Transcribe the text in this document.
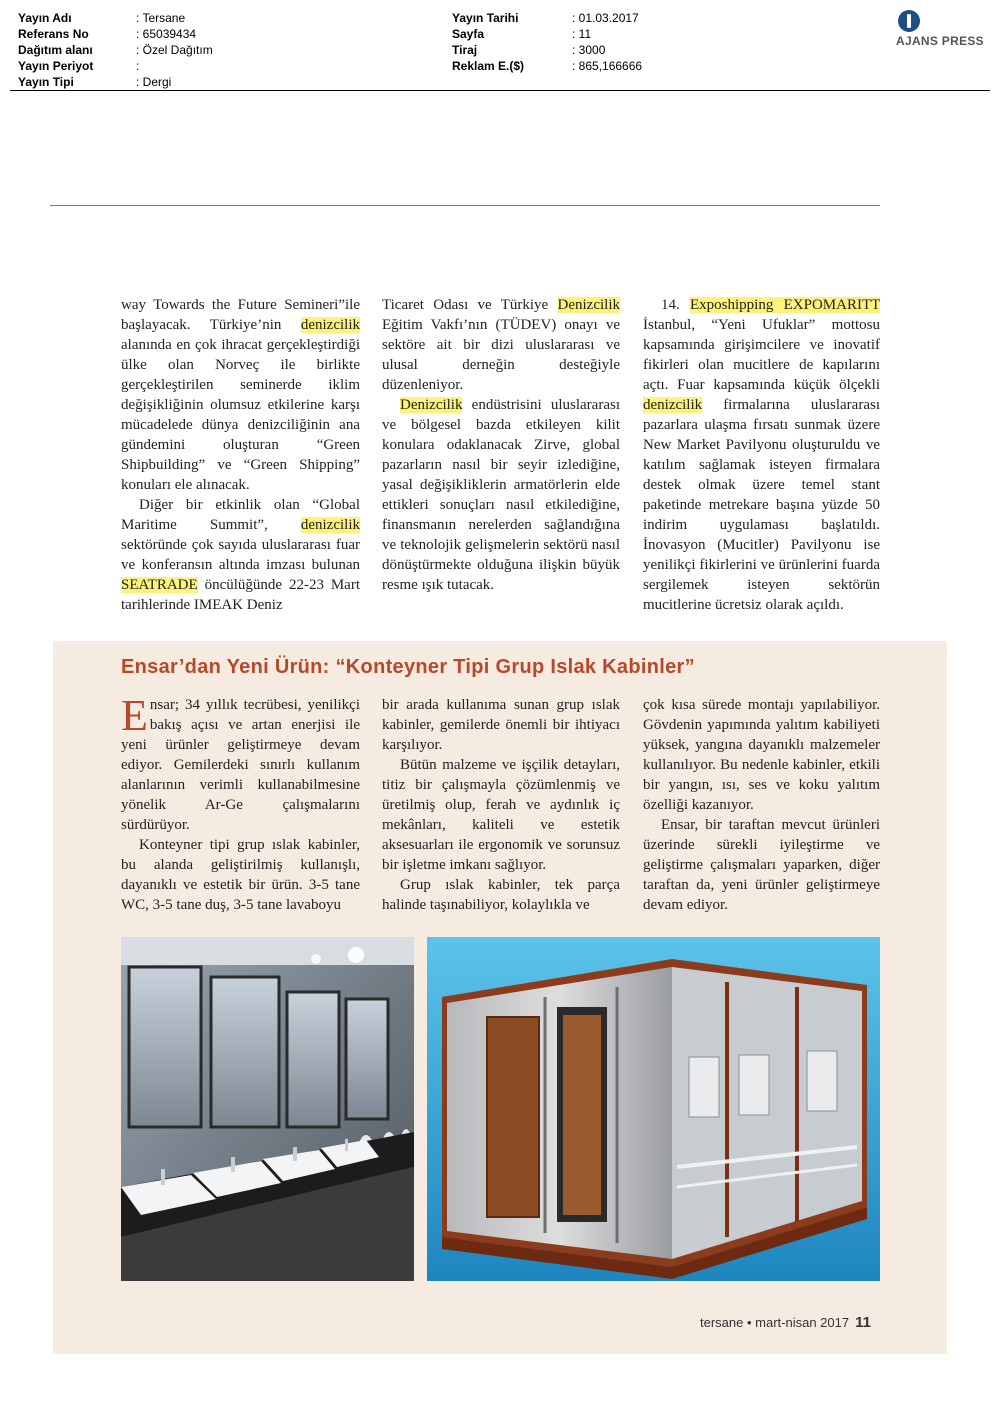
Yayın Adı	: Tersane
Referans No	: 65039434
Dağıtım alanı	: Özel Dağıtım
Yayın Periyot	:
Yayın Tipi	: Dergi
Yayın Tarihi	: 01.03.2017
Sayfa	: 11
Tiraj	: 3000
Reklam E.($)	: 865,166666
AJANS PRESS

way Towards the Future Semineri”ile başlayacak. Türkiye’nin denizcilik alanında en çok ihracat gerçekleştirdiği ülke olan Norveç ile birlikte gerçekleştirilen seminerde iklim değişikliğinin olumsuz etkilerine karşı mücadelede dünya denizciliğinin ana gündemini oluşturan “Green Shipbuilding” ve “Green Shipping” konuları ele alınacak.

Diğer bir etkinlik olan “Global Maritime Summit”, denizcilik sektöründe çok sayıda uluslararası fuar ve konferansın altında imzası bulunan SEATRADE öncülüğünde 22-23 Mart tarihlerinde IMEAK Deniz

Ticaret Odası ve Türkiye Denizcilik Eğitim Vakfı’nın (TÜDEV) onayı ve sektöre ait bir dizi uluslararası ve ulusal derneğin desteğiyle düzenleniyor.

Denizcilik endüstrisini uluslararası ve bölgesel bazda etkileyen kilit konulara odaklanacak Zirve, global pazarların nasıl bir seyir izlediğine, yasal değişikliklerin armatörlerin elde ettikleri sonuçları nasıl etkilediğine, finansmanın nerelerden sağlandığına ve teknolojik gelişmelerin sektörü nasıl dönüştürmekte olduğuna ilişkin büyük resme ışık tutacak.

14. Exposhipping EXPOMARITT İstanbul, “Yeni Ufuklar” mottosu kapsamında girişimcilere ve inovatif fikirleri olan mucitlere de kapılarını açtı. Fuar kapsamında küçük ölçekli denizcilik firmalarına uluslararası pazarlara ulaşma fırsatı sunmak üzere New Market Pavilyonu oluşturuldu ve katılım sağlamak isteyen firmalara destek olmak üzere temel stant paketinde metrekare başına yüzde 50 indirim uygulaması başlatıldı. İnovasyon (Mucitler) Pavilyonu ise yenilikçi fikirlerini ve ürünlerini fuarda sergilemek isteyen sektörün mucitlerine ücretsiz olarak açıldı.

Ensar’dan Yeni Ürün: “Konteyner Tipi Grup Islak Kabinler”

Ensar; 34 yıllık tecrübesi, yenilikçi bakış açısı ve artan enerjisi ile yeni ürünler geliştirmeye devam ediyor. Gemilerdeki sınırlı kullanım alanlarının verimli kullanabilmesine yönelik Ar-Ge çalışmalarını sürdürüyor.

Konteyner tipi grup ıslak kabinler, bu alanda geliştirilmiş kullanışlı, dayanıklı ve estetik bir ürün. 3-5 tane WC, 3-5 tane duş, 3-5 tane lavaboyu

bir arada kullanıma sunan grup ıslak kabinler, gemilerde önemli bir ihtiyacı karşılıyor.

Bütün malzeme ve işçilik detayları, titiz bir çalışmayla çözümlenmiş ve üretilmiş olup, ferah ve aydınlık iç mekânları, kaliteli ve estetik aksesuarları ile ergonomik ve sorunsuz bir işletme imkanı sağlıyor.

Grup ıslak kabinler, tek parça halinde taşınabiliyor, kolaylıkla ve

çok kısa sürede montajı yapılabiliyor. Gövdenin yapımında yalıtım kabiliyeti yüksek, yangına dayanıklı malzemeler kullanılıyor. Bu nedenle kabinler, etkili bir yangın, ısı, ses ve koku yalıtım özelliği kazanıyor.

Ensar, bir taraftan mevcut ürünleri üzerinde sürekli iyileştirme ve geliştirme çalışmaları yaparken, diğer taraftan da, yeni ürünler geliştirmeye devam ediyor.

tersane • mart-nisan 2017 11
